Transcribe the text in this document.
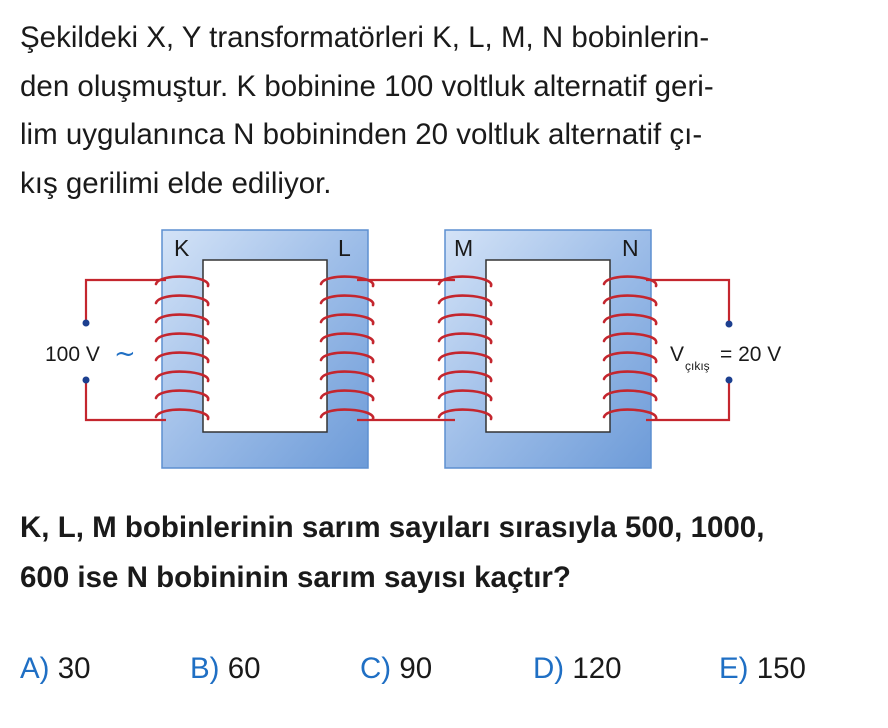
Şekildeki X, Y transformatörleri K, L, M, N bobinlerin-
den oluşmuştur. K bobinine 100 voltluk alternatif geri-
lim uygulanınca N bobininden 20 voltluk alternatif çı-
kış gerilimi elde ediliyor.
K	L	M	N
100 V ~	V çıkış = 20 V
K, L, M bobinlerinin sarım sayıları sırasıyla 500, 1000,
600 ise N bobininin sarım sayısı kaçtır?
A) 30	B) 60	C) 90	D) 120	E) 150
